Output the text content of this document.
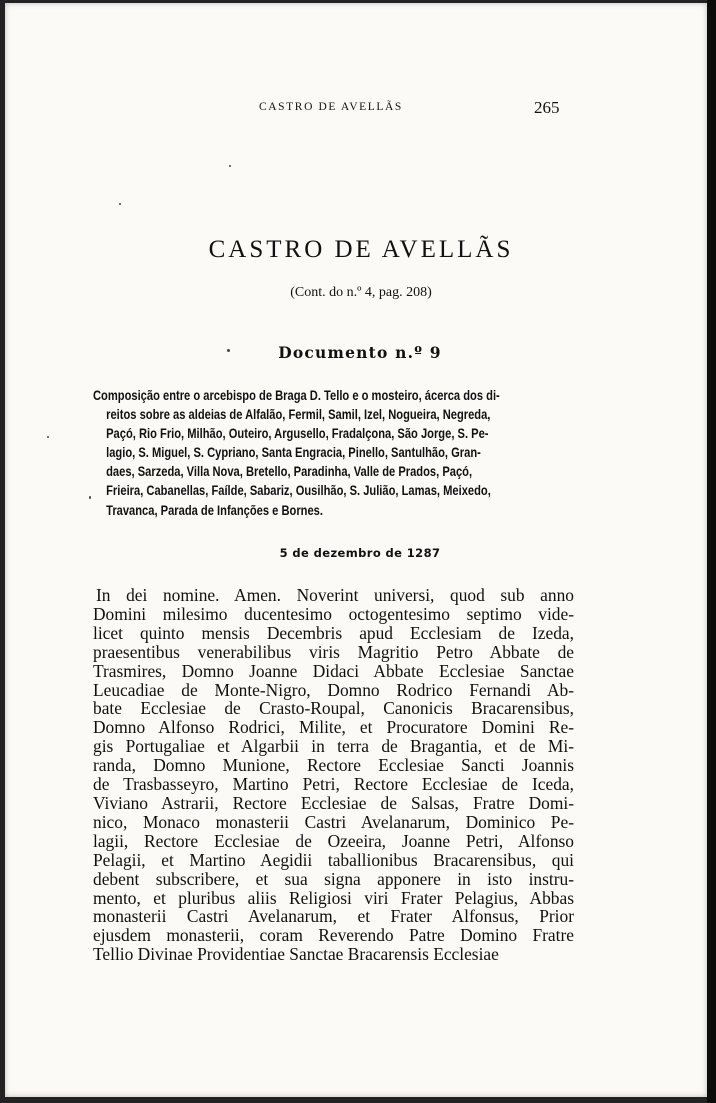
CASTRO DE AVELLÃS	265
CASTRO DE AVELLÃS
(Cont. do n.º 4, pag. 208)
Documento n.º 9
Composição entre o arcebispo de Braga D. Tello e o mosteiro, ácerca dos di-
reitos sobre as aldeias de Alfalão, Fermil, Samil, Izel, Nogueira, Negreda,
Paçó, Rio Frio, Milhão, Outeiro, Argusello, Fradalçona, São Jorge, S. Pe-
lagio, S. Miguel, S. Cypriano, Santa Engracia, Pinello, Santulhão, Gran-
daes, Sarzeda, Villa Nova, Bretello, Paradinha, Valle de Prados, Paçó,
Frieira, Cabanellas, Faílde, Sabariz, Ousilhão, S. Julião, Lamas, Meixedo,
Travanca, Parada de Infanções e Bornes.
5 de dezembro de 1287
In dei nomine. Amen. Noverint universi, quod sub anno
Domini milesimo ducentesimo octogentesimo septimo vide-
licet quinto mensis Decembris apud Ecclesiam de Izeda,
praesentibus venerabilibus viris Magritio Petro Abbate de
Trasmires, Domno Joanne Didaci Abbate Ecclesiae Sanctae
Leucadiae de Monte-Nigro, Domno Rodrico Fernandi Ab-
bate Ecclesiae de Crasto-Roupal, Canonicis Bracarensibus,
Domno Alfonso Rodrici, Milite, et Procuratore Domini Re-
gis Portugaliae et Algarbii in terra de Bragantia, et de Mi-
randa, Domno Munione, Rectore Ecclesiae Sancti Joannis
de Trasbasseyro, Martino Petri, Rectore Ecclesiae de Iceda,
Viviano Astrarii, Rectore Ecclesiae de Salsas, Fratre Domi-
nico, Monaco monasterii Castri Avelanarum, Dominico Pe-
lagii, Rectore Ecclesiae de Ozeeira, Joanne Petri, Alfonso
Pelagii, et Martino Aegidii taballionibus Bracarensibus, qui
debent subscribere, et sua signa apponere in isto instru-
mento, et pluribus aliis Religiosi viri Frater Pelagius, Abbas
monasterii Castri Avelanarum, et Frater Alfonsus, Prior
ejusdem monasterii, coram Reverendo Patre Domino Fratre
Tellio Divinae Providentiae Sanctae Bracarensis Ecclesiae
